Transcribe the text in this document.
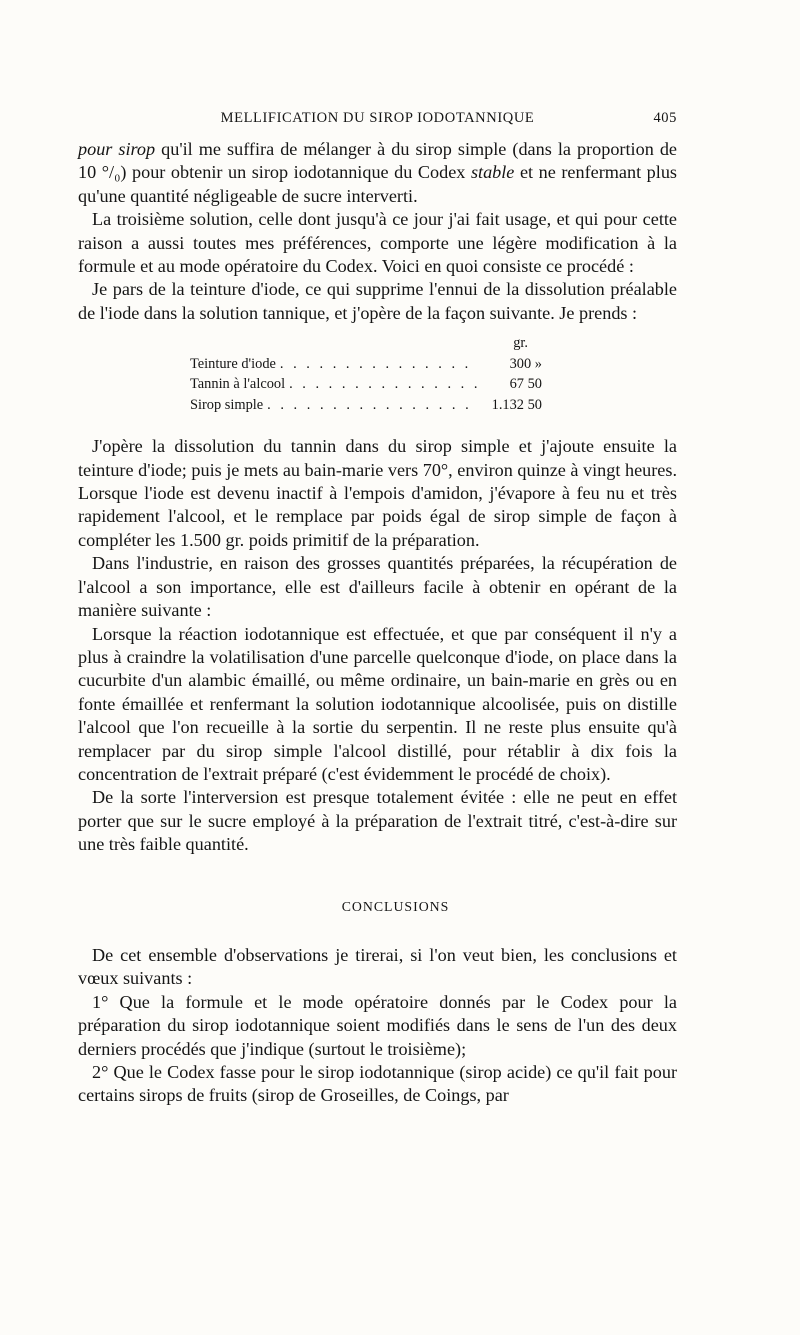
MELLIFICATION DU SIROP IODOTANNIQUE	405

pour sirop qu'il me suffira de mélanger à du sirop simple (dans la proportion de 10 °/₀) pour obtenir un sirop iodotannique du Codex stable et ne renfermant plus qu'une quantité négligeable de sucre interverti.

La troisième solution, celle dont jusqu'à ce jour j'ai fait usage, et qui pour cette raison a aussi toutes mes préférences, comporte une légère modification à la formule et au mode opératoire du Codex. Voici en quoi consiste ce procédé :

Je pars de la teinture d'iode, ce qui supprime l'ennui de la dissolution préalable de l'iode dans la solution tannique, et j'opère de la façon suivante. Je prends :

gr.
Teinture d'iode . . .	300 »
Tannin à l'alcool . . .	67 50
Sirop simple . . .	1.132 50

J'opère la dissolution du tannin dans du sirop simple et j'ajoute ensuite la teinture d'iode; puis je mets au bain-marie vers 70°, environ quinze à vingt heures. Lorsque l'iode est devenu inactif à l'empois d'amidon, j'évapore à feu nu et très rapidement l'alcool, et le remplace par poids égal de sirop simple de façon à compléter les 1.500 gr. poids primitif de la préparation.

Dans l'industrie, en raison des grosses quantités préparées, la récupération de l'alcool a son importance, elle est d'ailleurs facile à obtenir en opérant de la manière suivante :

Lorsque la réaction iodotannique est effectuée, et que par conséquent il n'y a plus à craindre la volatilisation d'une parcelle quelconque d'iode, on place dans la cucurbite d'un alambic émaillé, ou même ordinaire, un bain-marie en grès ou en fonte émaillée et renfermant la solution iodotannique alcoolisée, puis on distille l'alcool que l'on recueille à la sortie du serpentin. Il ne reste plus ensuite qu'à remplacer par du sirop simple l'alcool distillé, pour rétablir à dix fois la concentration de l'extrait préparé (c'est évidemment le procédé de choix).

De la sorte l'interversion est presque totalement évitée : elle ne peut en effet porter que sur le sucre employé à la préparation de l'extrait titré, c'est-à-dire sur une très faible quantité.

CONCLUSIONS

De cet ensemble d'observations je tirerai, si l'on veut bien, les conclusions et vœux suivants :

1° Que la formule et le mode opératoire donnés par le Codex pour la préparation du sirop iodotannique soient modifiés dans le sens de l'un des deux derniers procédés que j'indique (surtout le troisième);

2° Que le Codex fasse pour le sirop iodotannique (sirop acide) ce qu'il fait pour certains sirops de fruits (sirop de Groseilles, de Coings, par
